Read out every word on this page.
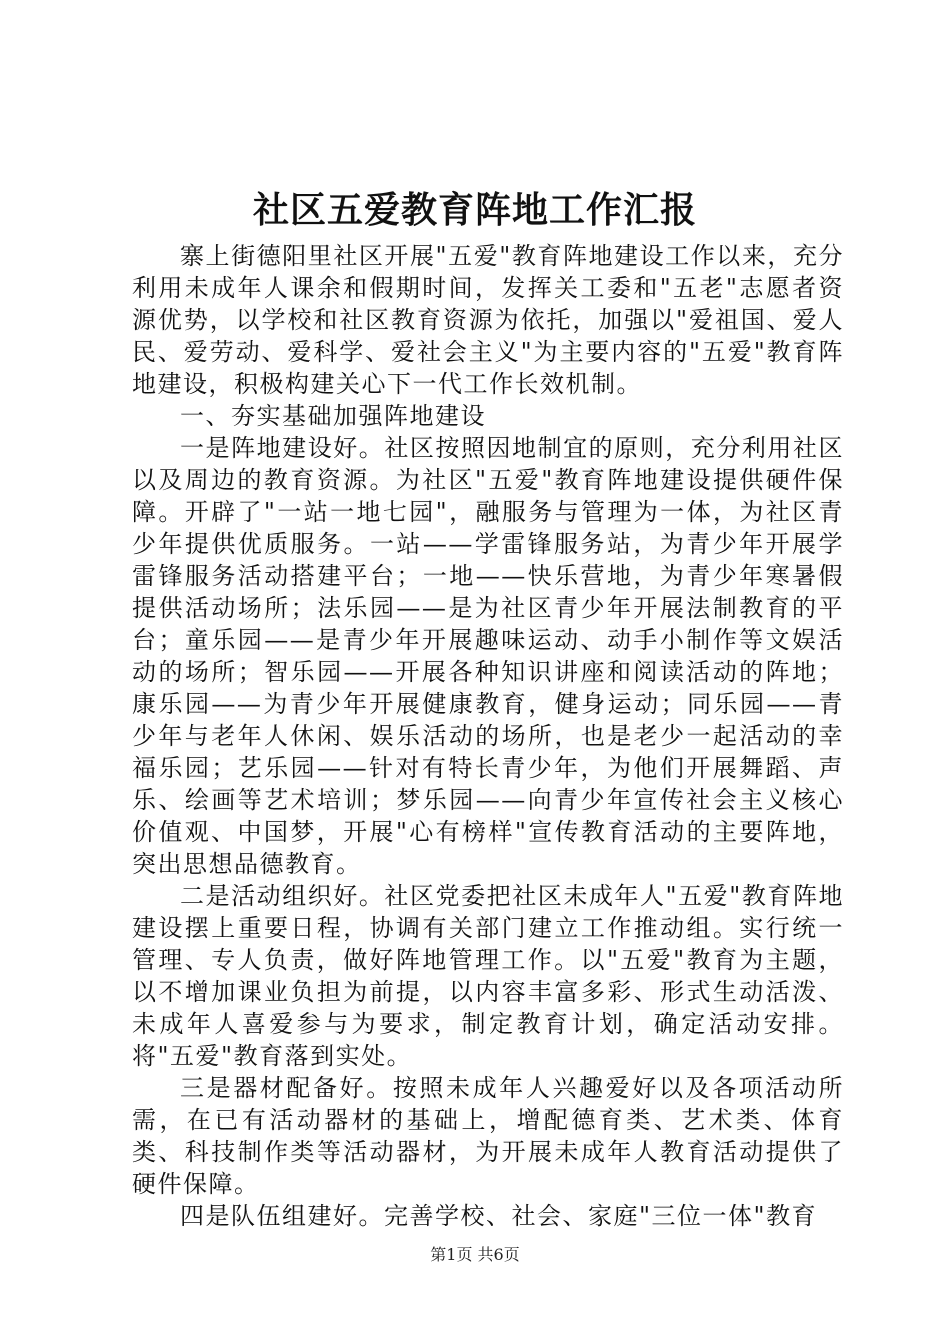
社区五爱教育阵地工作汇报

寨上街德阳里社区开展"五爱"教育阵地建设工作以来，充分利用未成年人课余和假期时间，发挥关工委和"五老"志愿者资源优势，以学校和社区教育资源为依托，加强以"爱祖国、爱人民、爱劳动、爱科学、爱社会主义"为主要内容的"五爱"教育阵地建设，积极构建关心下一代工作长效机制。

一、夯实基础加强阵地建设

一是阵地建设好。社区按照因地制宜的原则，充分利用社区以及周边的教育资源。为社区"五爱"教育阵地建设提供硬件保障。开辟了"一站一地七园"，融服务与管理为一体，为社区青少年提供优质服务。一站——学雷锋服务站，为青少年开展学雷锋服务活动搭建平台；一地——快乐营地，为青少年寒暑假提供活动场所；法乐园——是为社区青少年开展法制教育的平台；童乐园——是青少年开展趣味运动、动手小制作等文娱活动的场所；智乐园——开展各种知识讲座和阅读活动的阵地；康乐园——为青少年开展健康教育，健身运动；同乐园——青少年与老年人休闲、娱乐活动的场所，也是老少一起活动的幸福乐园；艺乐园——针对有特长青少年，为他们开展舞蹈、声乐、绘画等艺术培训；梦乐园——向青少年宣传社会主义核心价值观、中国梦，开展"心有榜样"宣传教育活动的主要阵地，突出思想品德教育。

二是活动组织好。社区党委把社区未成年人"五爱"教育阵地建设摆上重要日程，协调有关部门建立工作推动组。实行统一管理、专人负责，做好阵地管理工作。以"五爱"教育为主题，以不增加课业负担为前提，以内容丰富多彩、形式生动活泼、未成年人喜爱参与为要求，制定教育计划，确定活动安排。将"五爱"教育落到实处。

三是器材配备好。按照未成年人兴趣爱好以及各项活动所需，在已有活动器材的基础上，增配德育类、艺术类、体育类、科技制作类等活动器材，为开展未成年人教育活动提供了硬件保障。

四是队伍组建好。完善学校、社会、家庭"三位一体"教育

第1页 共6页
